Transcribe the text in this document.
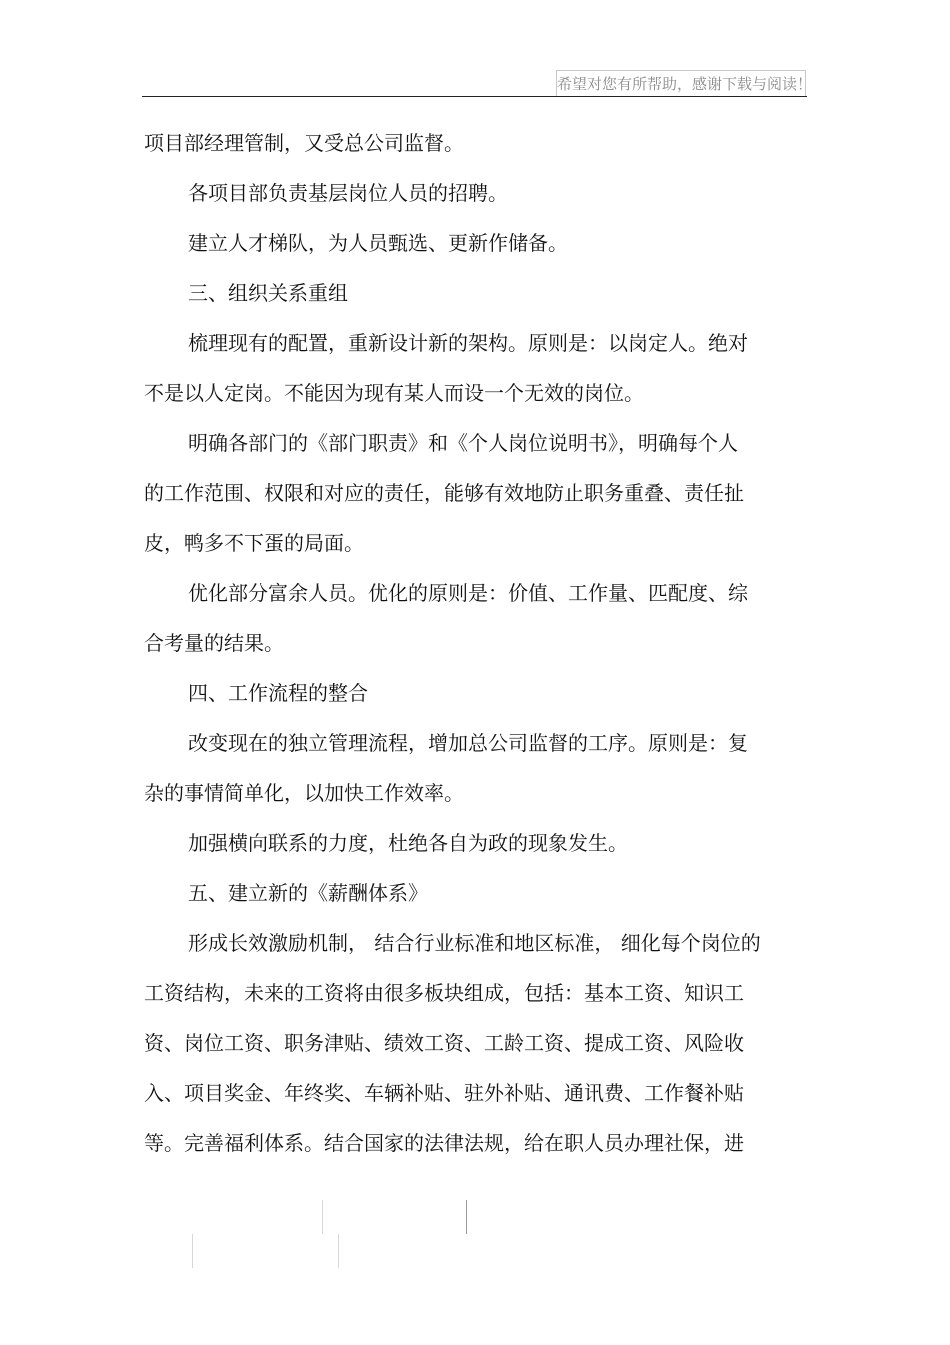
希望对您有所帮助，感谢下载与阅读！
项目部经理管制，又受总公司监督。
各项目部负责基层岗位人员的招聘。
建立人才梯队，为人员甄选、更新作储备。
三、组织关系重组
梳理现有的配置，重新设计新的架构。原则是：以岗定人。绝对
不是以人定岗。不能因为现有某人而设一个无效的岗位。
明确各部门的《部门职责》和《个人岗位说明书》，明确每个人
的工作范围、权限和对应的责任，能够有效地防止职务重叠、责任扯
皮，鸭多不下蛋的局面。
优化部分富余人员。优化的原则是：价值、工作量、匹配度、综
合考量的结果。
四、工作流程的整合
改变现在的独立管理流程，增加总公司监督的工序。原则是：复
杂的事情简单化，以加快工作效率。
加强横向联系的力度，杜绝各自为政的现象发生。
五、建立新的《薪酬体系》
形成长效激励机制， 结合行业标准和地区标准， 细化每个岗位的
工资结构，未来的工资将由很多板块组成，包括：基本工资、知识工
资、岗位工资、职务津贴、绩效工资、工龄工资、提成工资、风险收
入、项目奖金、年终奖、车辆补贴、驻外补贴、通讯费、工作餐补贴
等。完善福利体系。结合国家的法律法规，给在职人员办理社保，进
